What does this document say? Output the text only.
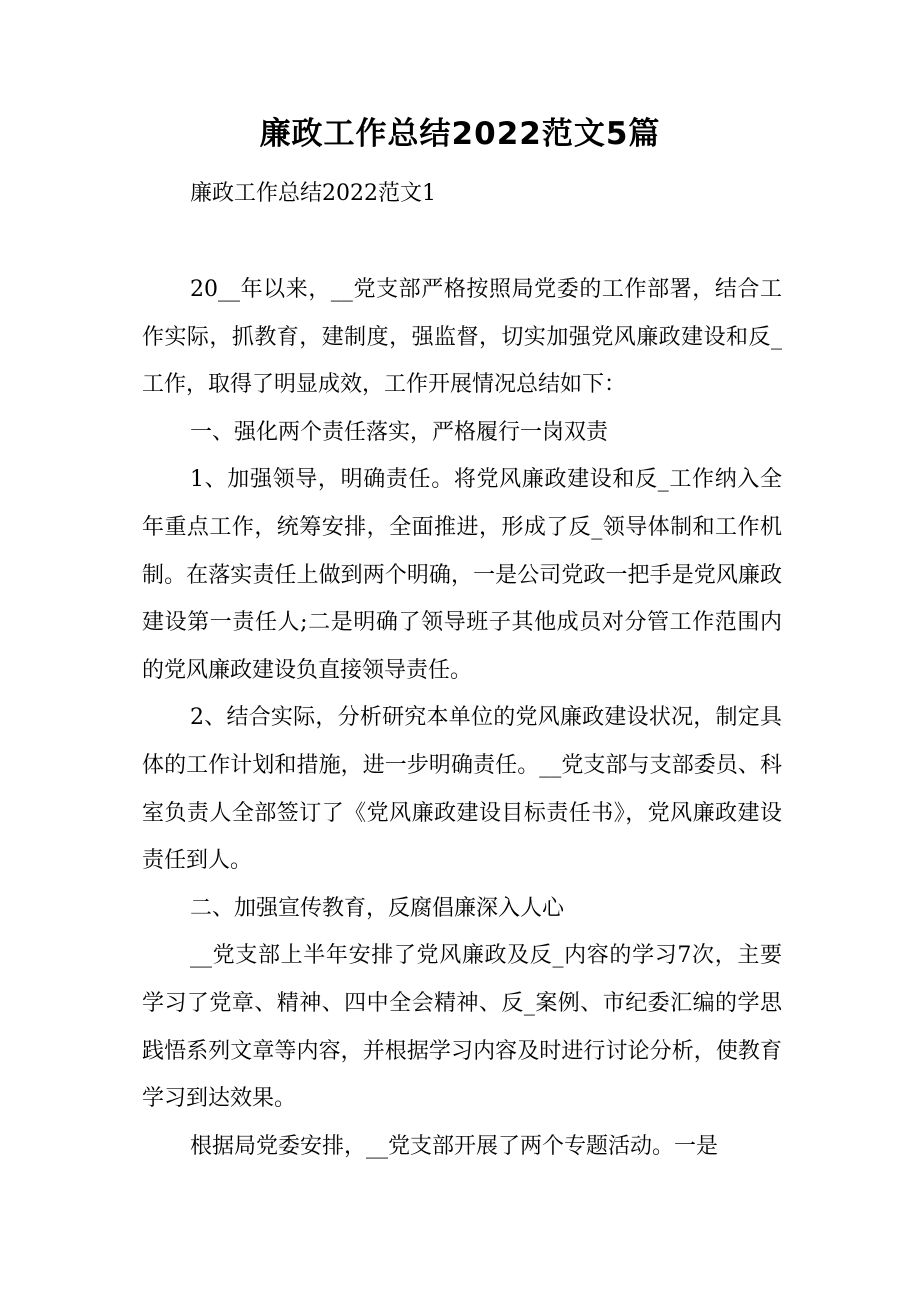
廉政工作总结2022范文5篇
廉政工作总结2022范文1

20__年以来，__党支部严格按照局党委的工作部署，结合工作实际，抓教育，建制度，强监督，切实加强党风廉政建设和反_工作，取得了明显成效，工作开展情况总结如下：

一、强化两个责任落实，严格履行一岗双责

1、加强领导，明确责任。将党风廉政建设和反_工作纳入全年重点工作，统筹安排，全面推进，形成了反_领导体制和工作机制。在落实责任上做到两个明确，一是公司党政一把手是党风廉政建设第一责任人;二是明确了领导班子其他成员对分管工作范围内的党风廉政建设负直接领导责任。

2、结合实际，分析研究本单位的党风廉政建设状况，制定具体的工作计划和措施，进一步明确责任。__党支部与支部委员、科室负责人全部签订了《党风廉政建设目标责任书》，党风廉政建设责任到人。

二、加强宣传教育，反腐倡廉深入人心

__党支部上半年安排了党风廉政及反_内容的学习7次，主要学习了党章、精神、四中全会精神、反_案例、市纪委汇编的学思践悟系列文章等内容，并根据学习内容及时进行讨论分析，使教育学习到达效果。

根据局党委安排，__党支部开展了两个专题活动。一是
